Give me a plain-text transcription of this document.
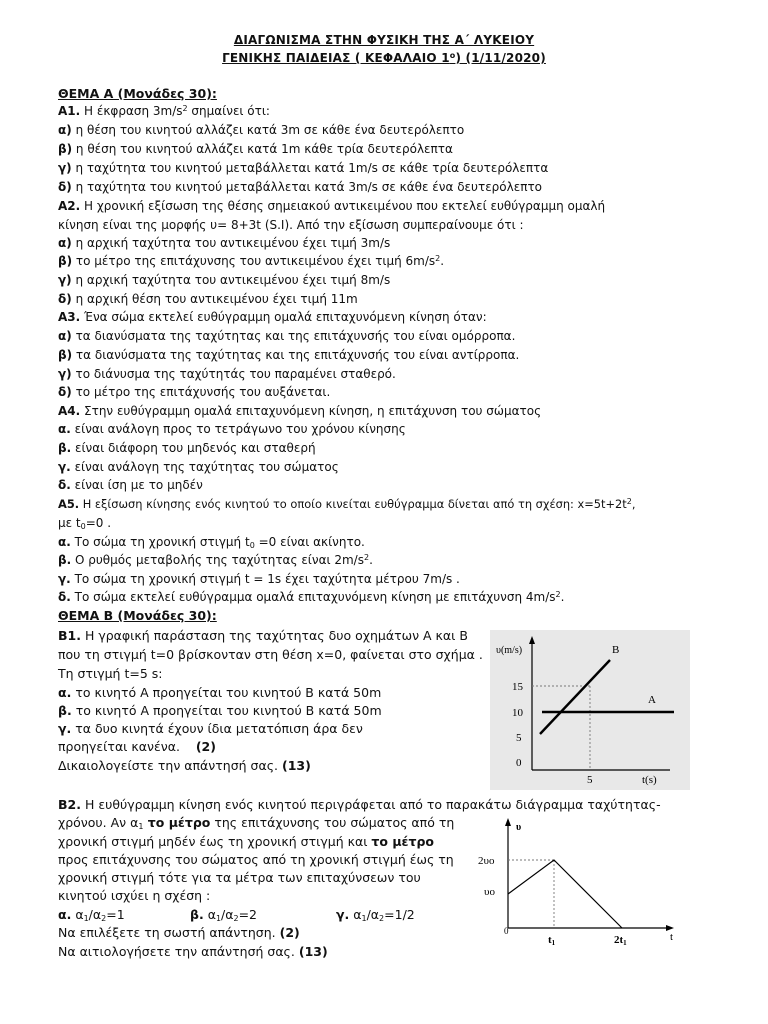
ΔΙΑΓΩΝΙΣΜΑ ΣΤΗΝ ΦΥΣΙΚΗ ΤΗΣ Α΄ ΛΥΚΕΙΟΥ
ΓΕΝΙΚΗΣ ΠΑΙΔΕΙΑΣ ( ΚΕΦΑΛΑΙΟ $1^o$) (1/11/2020)
ΘΕΜΑ Α (Μονάδες 30):
Α1. Η έκφραση $3m/s^2$ σημαίνει ότι:
α) η θέση του κινητού αλλάζει κατά 3m σε κάθε ένα δευτερόλεπτο
β) η θέση του κινητού αλλάζει κατά 1m κάθε τρία δευτερόλεπτα
γ) η ταχύτητα του κινητού μεταβάλλεται κατά 1m/s σε κάθε τρία δευτερόλεπτα
δ) η ταχύτητα του κινητού μεταβάλλεται κατά 3m/s σε κάθε ένα δευτερόλεπτο
Α2. Η χρονική εξίσωση της θέσης σημειακού αντικειμένου που εκτελεί ευθύγραμμη ομαλή
κίνηση είναι της μορφής υ= 8+3t (S.I). Από την εξίσωση συμπεραίνουμε ότι :
α) η αρχική ταχύτητα του αντικειμένου έχει τιμή 3m/s
β) το μέτρο της επιτάχυνσης του αντικειμένου έχει τιμή $6m/s^2$.
γ) η αρχική ταχύτητα του αντικειμένου έχει τιμή 8m/s
δ) η αρχική θέση του αντικειμένου έχει τιμή 11m
Α3. Ένα σώμα εκτελεί ευθύγραμμη ομαλά επιταχυνόμενη κίνηση όταν:
α) τα διανύσματα της ταχύτητας και της επιτάχυνσής του είναι ομόρροπα.
β) τα διανύσματα της ταχύτητας και της επιτάχυνσής του είναι αντίρροπα.
γ) το διάνυσμα της ταχύτητάς του παραμένει σταθερό.
δ) το μέτρο της επιτάχυνσής του αυξάνεται.
Α4. Στην ευθύγραμμη ομαλά επιταχυνόμενη κίνηση, η επιτάχυνση του σώματος
α. είναι ανάλογη προς το τετράγωνο του χρόνου κίνησης
β. είναι διάφορη του μηδενός και σταθερή
γ. είναι ανάλογη της ταχύτητας του σώματος
δ. είναι ίση με το μηδέν
Α5. Η εξίσωση κίνησης ενός κινητού το οποίο κινείται ευθύγραμμα δίνεται από τη σχέση: $x=5t+2t^2$,
με $t_0=0$ .
α. Το σώμα τη χρονική στιγμή $t_0 =0$ είναι ακίνητο.
β. Ο ρυθμός μεταβολής της ταχύτητας είναι $2m/s^2$.
γ. Το σώμα τη χρονική στιγμή t = 1s έχει ταχύτητα μέτρου 7m/s .
δ. Το σώμα εκτελεί ευθύγραμμα ομαλά επιταχυνόμενη κίνηση με επιτάχυνση $4m/s^2$.
ΘΕΜΑ Β (Μονάδες 30):
Β1. Η γραφική παράσταση της ταχύτητας δυο οχημάτων Α και Β
που τη στιγμή t=0 βρίσκονταν στη θέση x=0, φαίνεται στο σχήμα .
Τη στιγμή t=5 s:
α. το κινητό Α προηγείται του κινητού Β κατά 50m
β. το κινητό Α προηγείται του κινητού Β κατά 50m
γ. τα δυο κινητά έχουν ίδια μετατόπιση άρα δεν
προηγείται κανένα. (2)
Δικαιολογείστε την απάντησή σας. (13)
υ(m/s)
15
10
5
0
5	t(s)
B
A
Β2. Η ευθύγραμμη κίνηση ενός κινητού περιγράφεται από το παρακάτω διάγραμμα ταχύτητας-
χρόνου. Αν $\alpha_1$ το μέτρο της επιτάχυνσης του σώματος από τη
χρονική στιγμή μηδέν έως τη χρονική στιγμή και το μέτρο
προς επιτάχυνσης του σώματος από τη χρονική στιγμή έως τη
χρονική στιγμή τότε για τα μέτρα των επιταχύνσεων του
κινητού ισχύει η σχέση :
α. $\alpha_1/\alpha_2=1$	β. $\alpha_1/\alpha_2=2$	γ. $\alpha_1/\alpha_2=1/2$
Να επιλέξετε τη σωστή απάντηση. (2)
Να αιτιολογήσετε την απάντησή σας. (13)
υ
2υο
υο
0
t1	2t1	t
